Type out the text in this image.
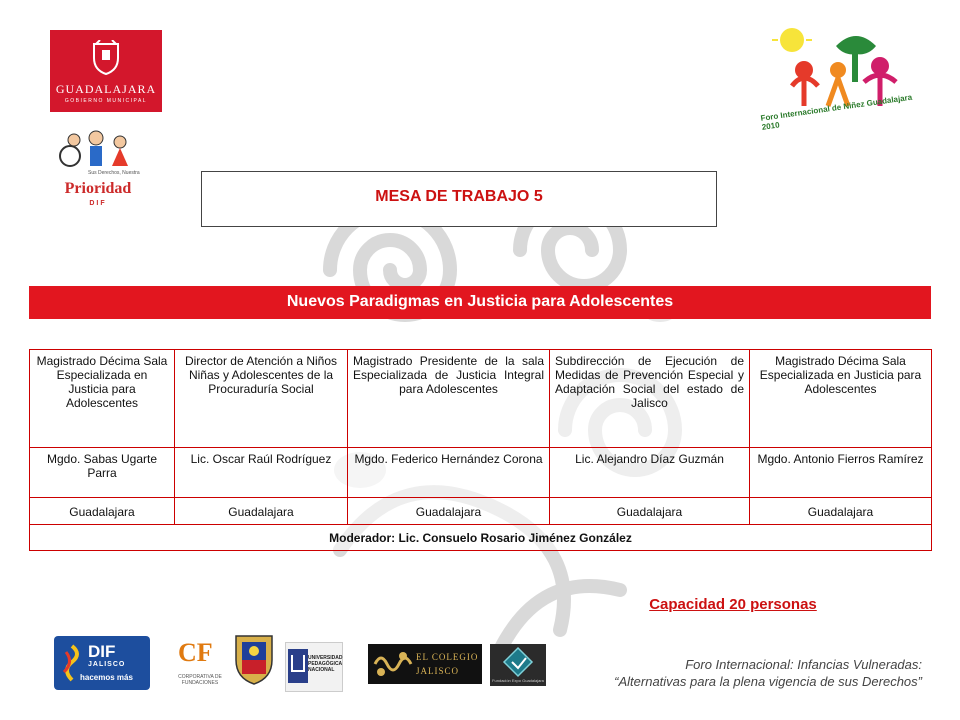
GUADALAJARA
GOBIERNO MUNICIPAL	Foro Internacional de Niñez Guadalajara 2010
Sus Derechos, Nuestra
Prioridad
DIF	MESA DE TRABAJO 5
Nuevos Paradigmas en Justicia para Adolescentes
Magistrado Décima Sala Especializada en Justicia para Adolescentes	Director de Atención a Niños Niñas y Adolescentes de la Procuraduría Social	Magistrado Presidente de la sala Especializada de Justicia Integral para Adolescentes	Subdirección de Ejecución de Medidas de Prevención Especial y Adaptación Social del estado de Jalisco	Magistrado Décima Sala Especializada en Justicia para Adolescentes
Mgdo. Sabas Ugarte Parra	Lic. Oscar Raúl Rodríguez	Mgdo. Federico Hernández Corona	Lic. Alejandro Díaz Guzmán	Mgdo. Antonio Fierros Ramírez
Guadalajara	Guadalajara	Guadalajara	Guadalajara	Guadalajara
Moderador: Lic. Consuelo Rosario Jiménez González				
Capacidad 20 personas
DIF
JALISCO
hacemos más
CF
CORPORATIVA DE FUNDACIONES
UNIVERSIDAD PEDAGÓGICA NACIONAL
EL COLEGIO
JALISCO
Fundación Expo Guadalajara
Foro Internacional: Infancias Vulneradas:
“Alternativas para la plena vigencia de sus Derechos”
